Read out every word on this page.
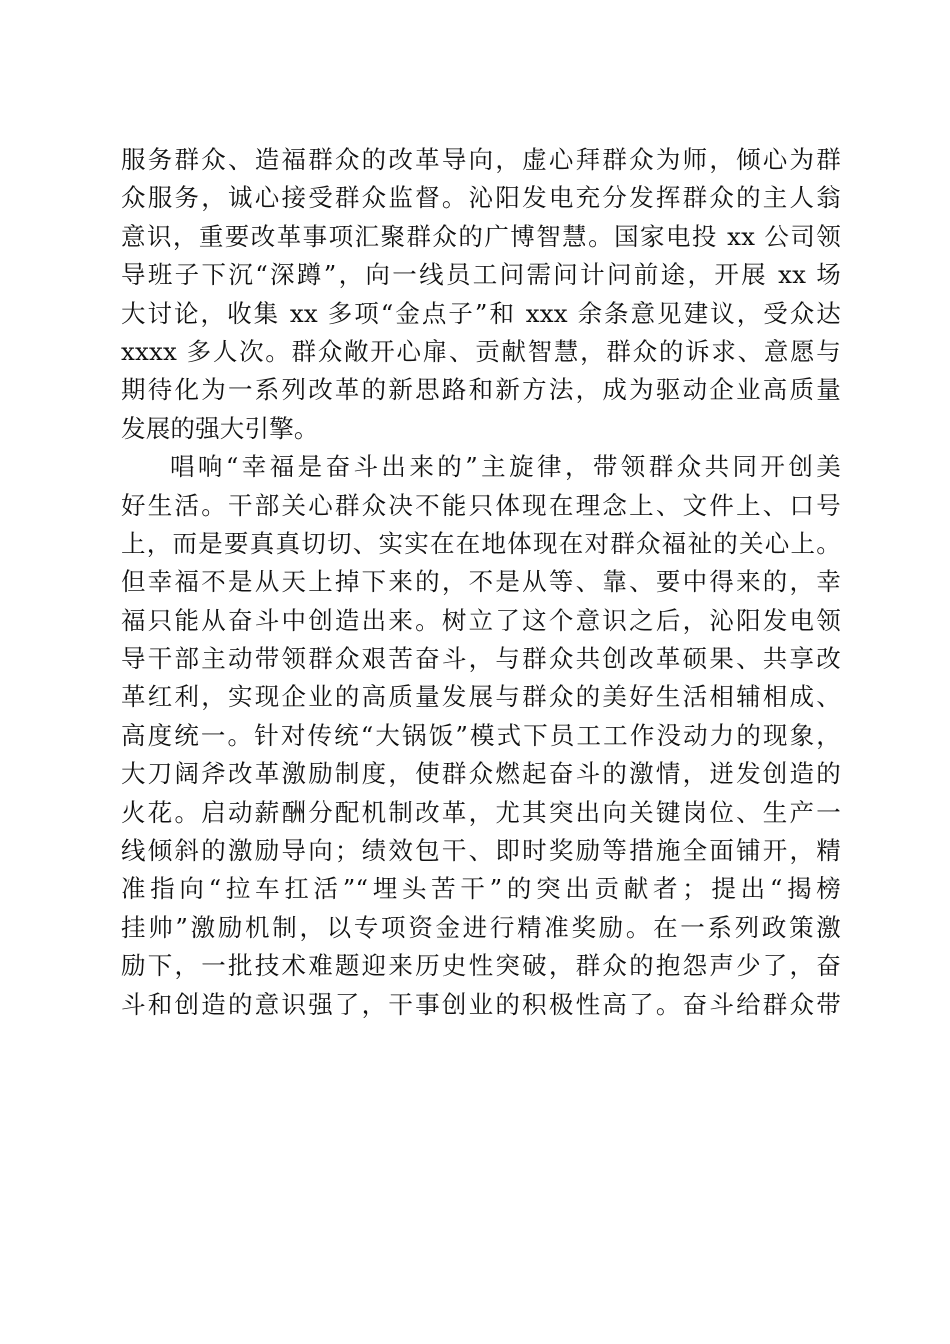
服务群众、造福群众的改革导向，虚心拜群众为师，倾心为群
众服务，诚心接受群众监督。沁阳发电充分发挥群众的主人翁
意识，重要改革事项汇聚群众的广博智慧。国家电投 xx 公司领
导班子下沉“深蹲”，向一线员工问需问计问前途，开展 xx 场
大讨论，收集 xx 多项“金点子”和 xxx 余条意见建议，受众达
xxxx 多人次。群众敞开心扉、贡献智慧，群众的诉求、意愿与
期待化为一系列改革的新思路和新方法，成为驱动企业高质量
发展的强大引擎。
唱响“幸福是奋斗出来的”主旋律，带领群众共同开创美
好生活。干部关心群众决不能只体现在理念上、文件上、口号
上，而是要真真切切、实实在在地体现在对群众福祉的关心上。
但幸福不是从天上掉下来的，不是从等、靠、要中得来的，幸
福只能从奋斗中创造出来。树立了这个意识之后，沁阳发电领
导干部主动带领群众艰苦奋斗，与群众共创改革硕果、共享改
革红利，实现企业的高质量发展与群众的美好生活相辅相成、
高度统一。针对传统“大锅饭”模式下员工工作没动力的现象，
大刀阔斧改革激励制度，使群众燃起奋斗的激情，迸发创造的
火花。启动薪酬分配机制改革，尤其突出向关键岗位、生产一
线倾斜的激励导向；绩效包干、即时奖励等措施全面铺开，精
准指向“拉车扛活”“埋头苦干”的突出贡献者；提出“揭榜
挂帅”激励机制，以专项资金进行精准奖励。在一系列政策激
励下，一批技术难题迎来历史性突破，群众的抱怨声少了，奋
斗和创造的意识强了，干事创业的积极性高了。奋斗给群众带
